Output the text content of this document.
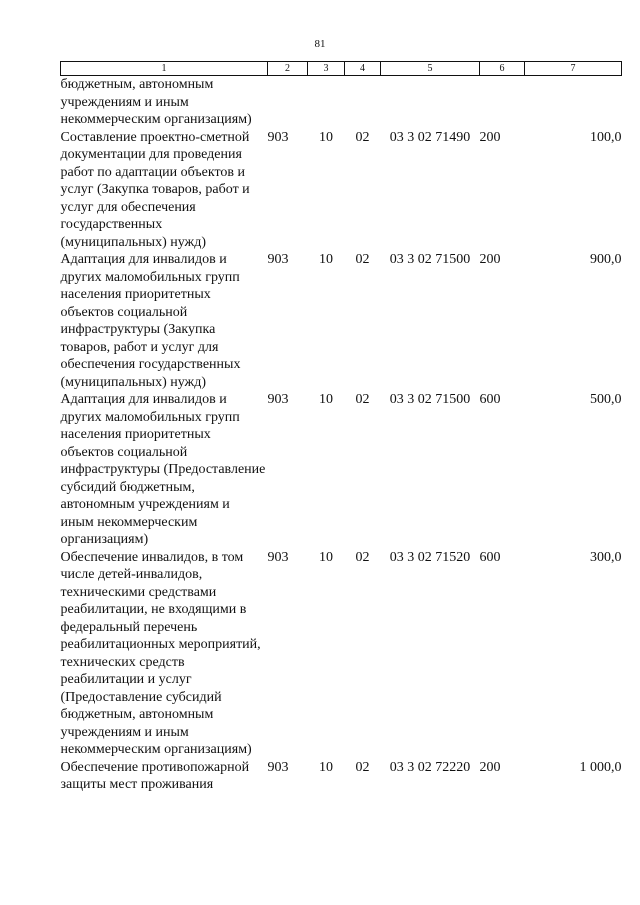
81
1	2	3	4	5	6	7
бюджетным, автономным учреждениям и иным некоммерческим организациям)						
Составление проектно-сметной документации для проведения работ по адаптации объектов и услуг (Закупка товаров, работ и услуг для обеспечения государственных (муниципальных) нужд)	903	10	02	03 3 02 71490	200	100,0
Адаптация для инвалидов и других маломобильных групп населения приоритетных объектов социальной инфраструктуры (Закупка товаров, работ и услуг для обеспечения государственных (муниципальных) нужд)	903	10	02	03 3 02 71500	200	900,0
Адаптация для инвалидов и других маломобильных групп населения приоритетных объектов социальной инфраструктуры (Предоставление субсидий бюджетным, автономным учреждениям и иным некоммерческим организациям)	903	10	02	03 3 02 71500	600	500,0
Обеспечение инвалидов, в том числе детей-инвалидов, техническими средствами реабилитации, не входящими в федеральный перечень реабилитационных мероприятий, технических средств реабилитации и услуг (Предоставление субсидий бюджетным, автономным учреждениям и иным некоммерческим организациям)	903	10	02	03 3 02 71520	600	300,0
Обеспечение противопожарной защиты мест проживания	903	10	02	03 3 02 72220	200	1 000,0
